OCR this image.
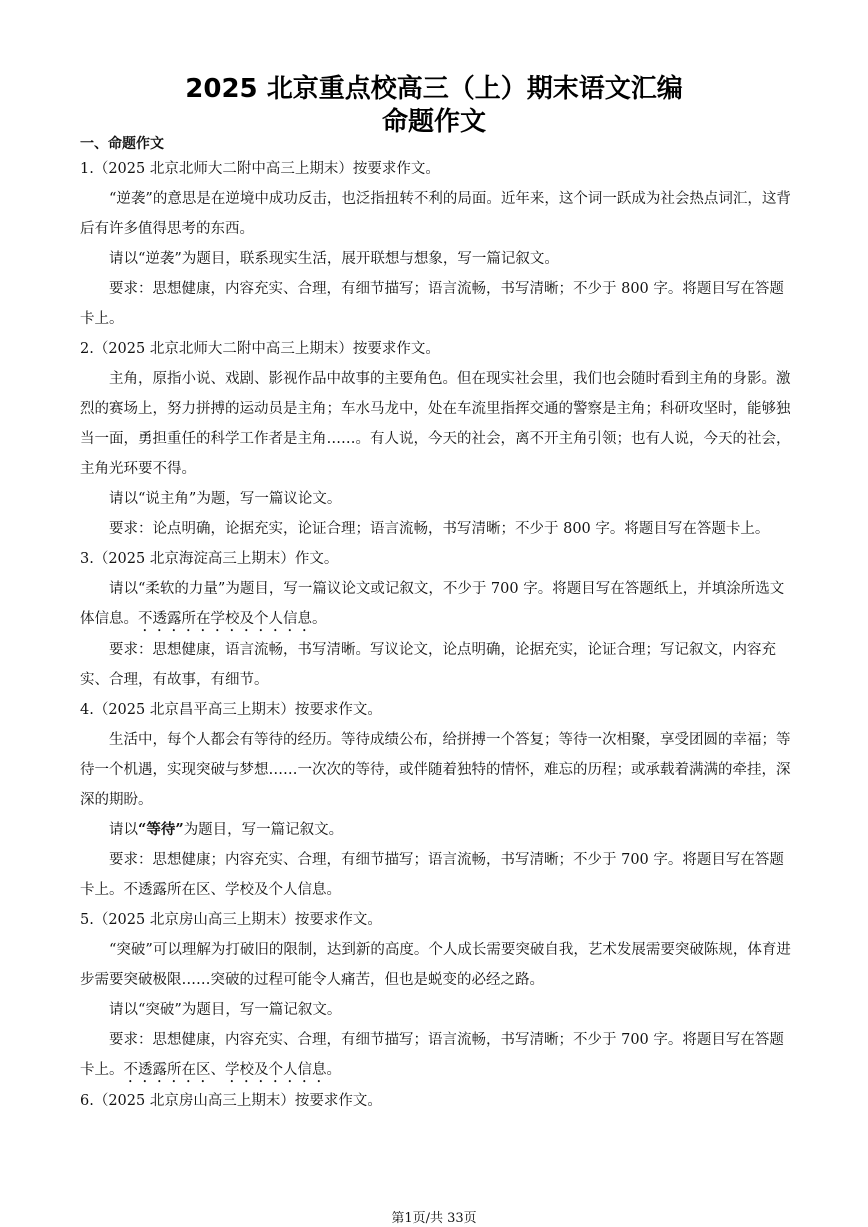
2025 北京重点校高三（上）期末语文汇编
命题作文

一、命题作文

1.（2025 北京北师大二附中高三上期末）按要求作文。

“逆袭”的意思是在逆境中成功反击，也泛指扭转不利的局面。近年来，这个词一跃成为社会热点词汇，这背后有许多值得思考的东西。

请以“逆袭”为题目，联系现实生活，展开联想与想象，写一篇记叙文。

要求：思想健康，内容充实、合理，有细节描写；语言流畅，书写清晰；不少于 800 字。将题目写在答题卡上。

2.（2025 北京北师大二附中高三上期末）按要求作文。

主角，原指小说、戏剧、影视作品中故事的主要角色。但在现实社会里，我们也会随时看到主角的身影。激烈的赛场上，努力拼搏的运动员是主角；车水马龙中，处在车流里指挥交通的警察是主角；科研攻坚时，能够独当一面，勇担重任的科学工作者是主角……。有人说，今天的社会，离不开主角引领；也有人说，今天的社会，主角光环要不得。

请以“说主角”为题，写一篇议论文。

要求：论点明确，论据充实，论证合理；语言流畅，书写清晰；不少于 800 字。将题目写在答题卡上。

3.（2025 北京海淀高三上期末）作文。

请以“柔软的力量”为题目，写一篇议论文或记叙文，不少于 700 字。将题目写在答题纸上，并填涂所选文体信息。不透露所在学校及个人信息。

要求：思想健康，语言流畅，书写清晰。写议论文，论点明确，论据充实，论证合理；写记叙文，内容充实、合理，有故事，有细节。

4.（2025 北京昌平高三上期末）按要求作文。

生活中，每个人都会有等待的经历。等待成绩公布，给拼搏一个答复；等待一次相聚，享受团圆的幸福；等待一个机遇，实现突破与梦想……一次次的等待，或伴随着独特的情怀，难忘的历程；或承载着满满的牵挂，深深的期盼。

请以“等待”为题目，写一篇记叙文。

要求：思想健康；内容充实、合理，有细节描写；语言流畅，书写清晰；不少于 700 字。将题目写在答题卡上。不透露所在区、学校及个人信息。

5.（2025 北京房山高三上期末）按要求作文。

“突破”可以理解为打破旧的限制，达到新的高度。个人成长需要突破自我，艺术发展需要突破陈规，体育进步需要突破极限……突破的过程可能令人痛苦，但也是蜕变的必经之路。

请以“突破”为题目，写一篇记叙文。

要求：思想健康，内容充实、合理，有细节描写；语言流畅，书写清晰；不少于 700 字。将题目写在答题卡上。不透露所在区、学校及个人信息。

6.（2025 北京房山高三上期末）按要求作文。

第1页/共 33页
